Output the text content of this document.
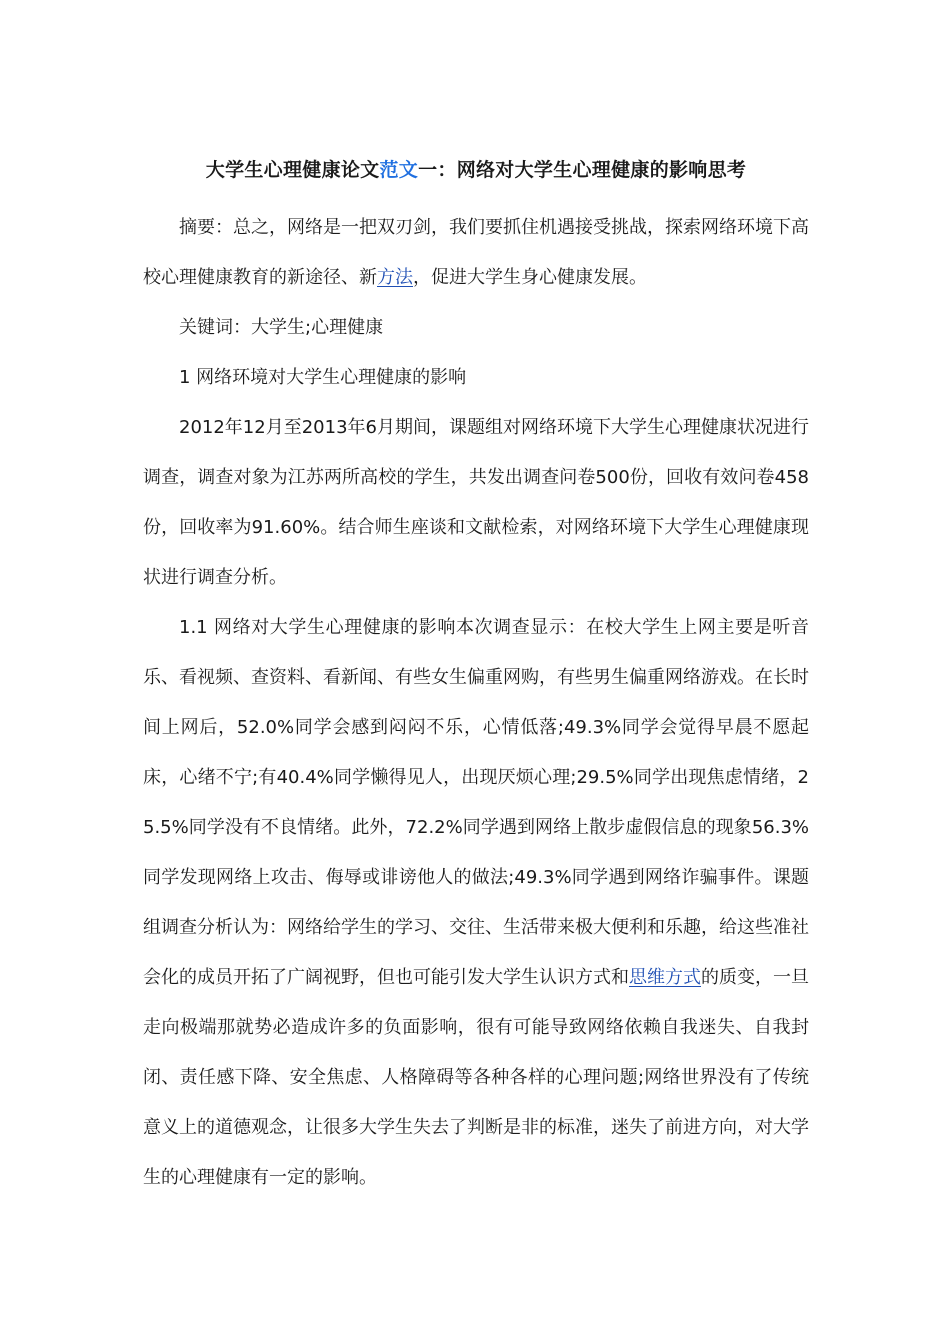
大学生心理健康论文范文一：网络对大学生心理健康的影响思考

摘要：总之，网络是一把双刃剑，我们要抓住机遇接受挑战，探索网络环境下高校心理健康教育的新途径、新方法，促进大学生身心健康发展。

关键词：大学生;心理健康

1 网络环境对大学生心理健康的影响

2012年12月至2013年6月期间，课题组对网络环境下大学生心理健康状况进行调查，调查对象为江苏两所高校的学生，共发出调查问卷500份，回收有效问卷458份，回收率为91.60%。结合师生座谈和文献检索，对网络环境下大学生心理健康现状进行调查分析。

1.1 网络对大学生心理健康的影响本次调查显示：在校大学生上网主要是听音乐、看视频、查资料、看新闻、有些女生偏重网购，有些男生偏重网络游戏。在长时间上网后，52.0%同学会感到闷闷不乐，心情低落;49.3%同学会觉得早晨不愿起床，心绪不宁;有40.4%同学懒得见人，出现厌烦心理;29.5%同学出现焦虑情绪，25.5%同学没有不良情绪。此外，72.2%同学遇到网络上散步虚假信息的现象56.3%同学发现网络上攻击、侮辱或诽谤他人的做法;49.3%同学遇到网络诈骗事件。课题组调查分析认为：网络给学生的学习、交往、生活带来极大便利和乐趣，给这些准社会化的成员开拓了广阔视野，但也可能引发大学生认识方式和思维方式的质变，一旦走向极端那就势必造成许多的负面影响，很有可能导致网络依赖自我迷失、自我封闭、责任感下降、安全焦虑、人格障碍等各种各样的心理问题;网络世界没有了传统意义上的道德观念，让很多大学生失去了判断是非的标准，迷失了前进方向，对大学生的心理健康有一定的影响。
